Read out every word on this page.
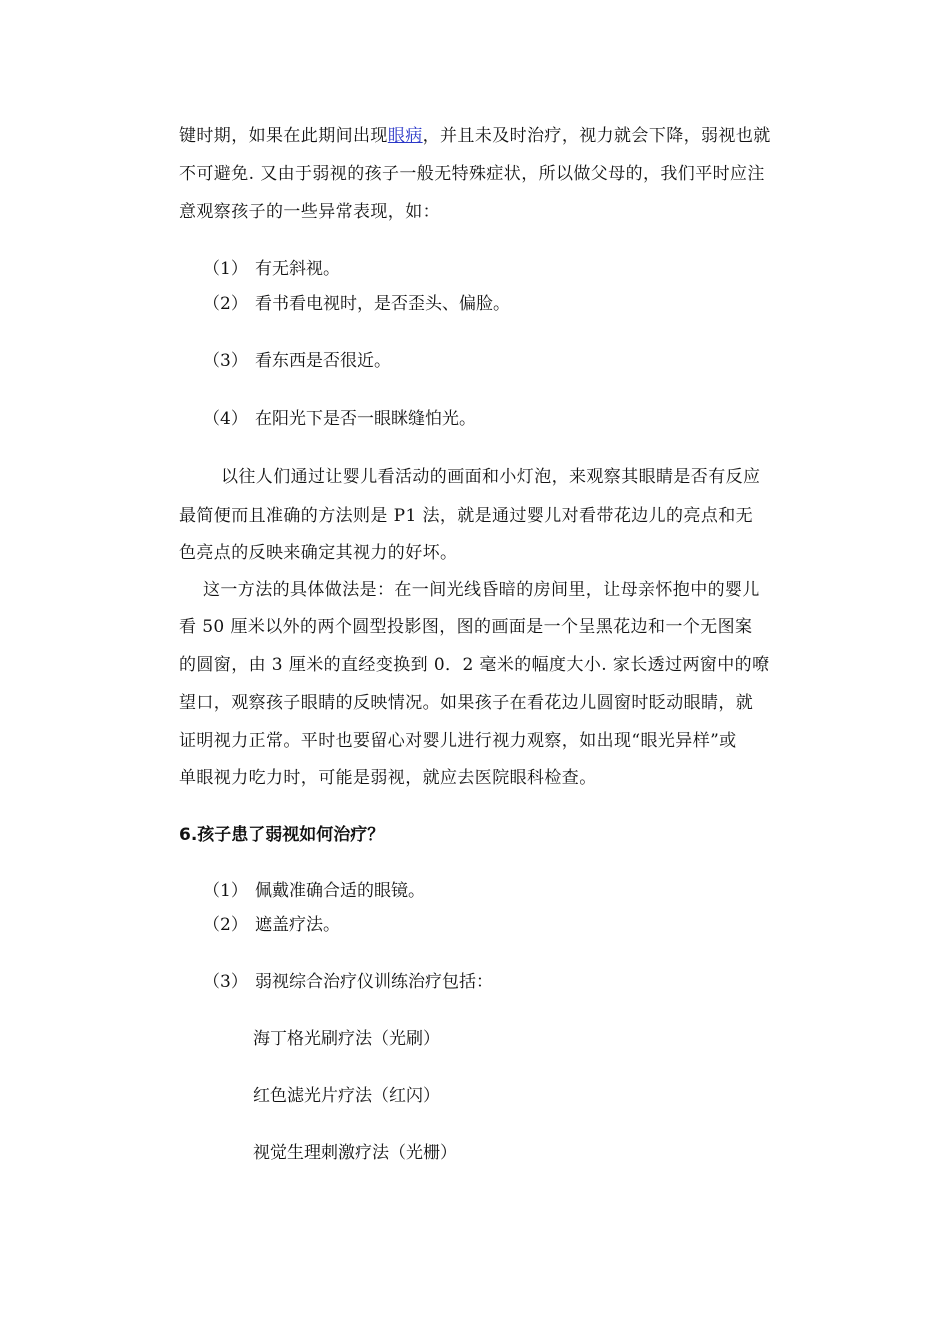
键时期，如果在此期间出现眼病，并且未及时治疗，视力就会下降，弱视也就
不可避免. 又由于弱视的孩子一般无特殊症状，所以做父母的，我们平时应注
意观察孩子的一些异常表现，如：
（1） 有无斜视。
（2） 看书看电视时，是否歪头、偏脸。
（3） 看东西是否很近。
（4） 在阳光下是否一眼眯缝怕光。
以往人们通过让婴儿看活动的画面和小灯泡，来观察其眼睛是否有反应
最简便而且准确的方法则是 P1 法，就是通过婴儿对看带花边儿的亮点和无
色亮点的反映来确定其视力的好坏。
这一方法的具体做法是：在一间光线昏暗的房间里，让母亲怀抱中的婴儿
看 50 厘米以外的两个圆型投影图，图的画面是一个呈黑花边和一个无图案
的圆窗，由 3 厘米的直经变换到 0．2 毫米的幅度大小. 家长透过两窗中的嘹
望口，观察孩子眼睛的反映情况。如果孩子在看花边儿圆窗时眨动眼睛，就
证明视力正常。平时也要留心对婴儿进行视力观察，如出现“眼光异样”或
单眼视力吃力时，可能是弱视，就应去医院眼科检查。
6.孩子患了弱视如何治疗？
（1） 佩戴准确合适的眼镜。
（2） 遮盖疗法。
（3） 弱视综合治疗仪训练治疗包括：
海丁格光刷疗法（光刷）
红色滤光片疗法（红闪）
视觉生理刺激疗法（光栅）
